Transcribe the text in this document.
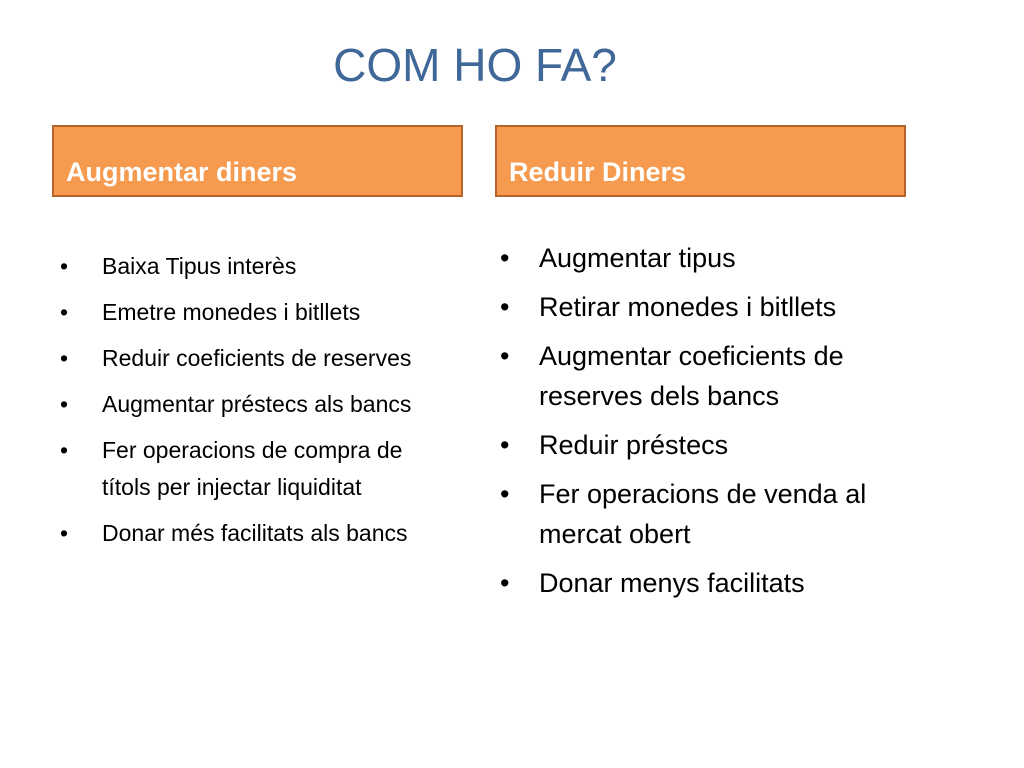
COM HO FA?
Augmentar diners	Reduir Diners
• Baixa Tipus interès
• Emetre monedes i bitllets
• Reduir coeficients de reserves
• Augmentar préstecs als bancs
• Fer operacions de compra de títols per injectar liquiditat
• Donar més facilitats als bancs
• Augmentar tipus
• Retirar monedes i bitllets
• Augmentar coeficients de reserves dels bancs
• Reduir préstecs
• Fer operacions de venda al mercat obert
• Donar menys facilitats
